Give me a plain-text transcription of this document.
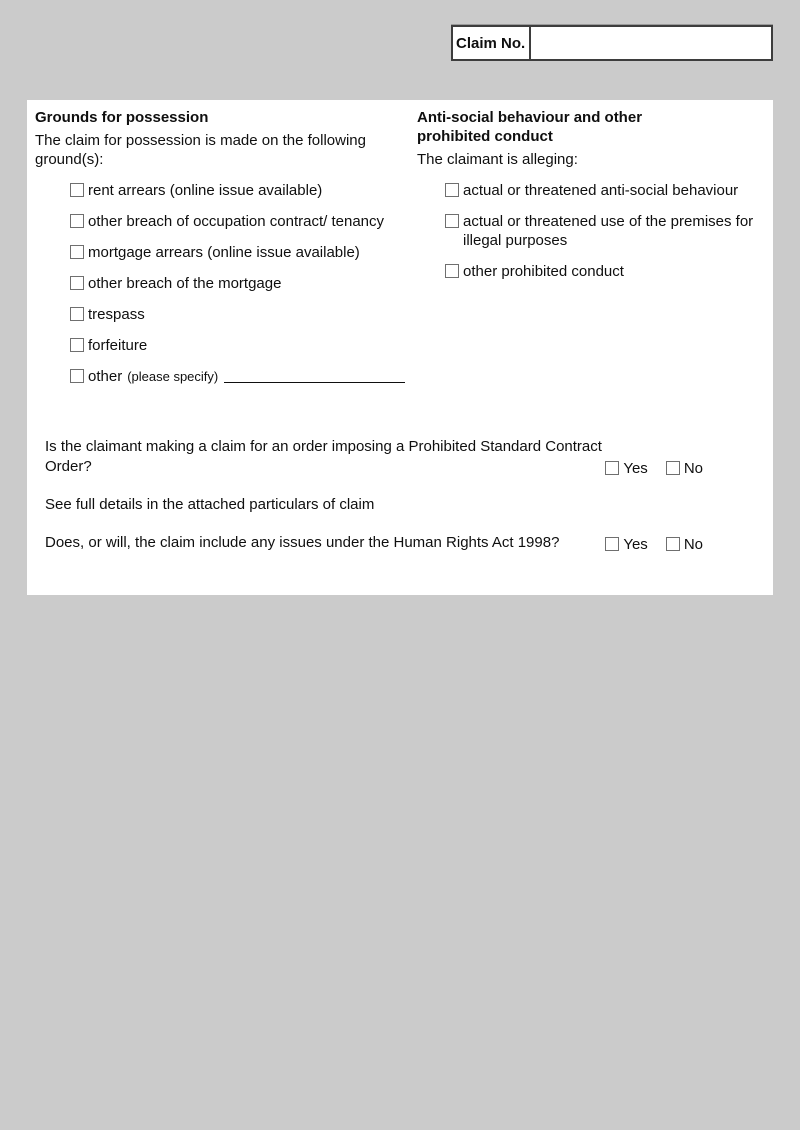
Claim No.
Grounds for possession
The claim for possession is made on the following ground(s):
rent arrears (online issue available)
other breach of occupation contract/ tenancy
mortgage arrears (online issue available)
other breach of the mortgage
trespass
forfeiture
other (please specify)
Anti-social behaviour and other prohibited conduct
The claimant is alleging:
actual or threatened anti-social behaviour
actual or threatened use of the premises for illegal purposes
other prohibited conduct
Is the claimant making a claim for an order imposing a Prohibited Standard Contract Order?	Yes No
See full details in the attached particulars of claim
Does, or will, the claim include any issues under the Human Rights Act 1998?	Yes No
